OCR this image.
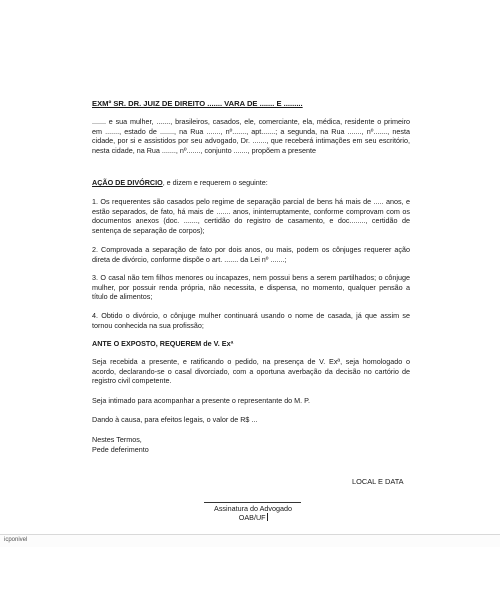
EXMº SR. DR. JUIZ DE DIREITO ....... VARA DE ....... E .........

....... e sua mulher, ......., brasileiros, casados, ele, comerciante, ela, médica, residente o primeiro em ......., estado de ......., na Rua ......., nº......., apt.......; a segunda, na Rua ......., nº......., nesta cidade, por si e assistidos por seu advogado, Dr. ......., que receberá intimações em seu escritório, nesta cidade, na Rua ......., nº......., conjunto ......., propõem a presente

AÇÃO DE DIVÓRCIO, e dizem e requerem o seguinte:

1. Os requerentes são casados pelo regime de separação parcial de bens há mais de ..... anos, e estão separados, de fato, há mais de ....... anos, ininterruptamente, conforme comprovam com os documentos anexos (doc. ......., certidão do registro de casamento, e doc........, certidão de sentença de separação de corpos);

2. Comprovada a separação de fato por dois anos, ou mais, podem os cônjuges requerer ação direta de divórcio, conforme dispõe o art. ....... da Lei nº .......;

3. O casal não tem filhos menores ou incapazes, nem possui bens a serem partilhados; o cônjuge mulher, por possuir renda própria, não necessita, e dispensa, no momento, qualquer pensão a título de alimentos;

4. Obtido o divórcio, o cônjuge mulher continuará usando o nome de casada, já que assim se tornou conhecida na sua profissão;

ANTE O EXPOSTO, REQUEREM de V. Exª

Seja recebida a presente, e ratificando o pedido, na presença de V. Exª, seja homologado o acordo, declarando-se o casal divorciado, com a oportuna averbação da decisão no cartório de registro civil competente.

Seja intimado para acompanhar a presente o representante do M. P.

Dando à causa, para efeitos legais, o valor de R$ ...

Nestes Termos,

Pede deferimento

LOCAL E DATA
Assinatura do Advogado
OAB/UF
icponivel
